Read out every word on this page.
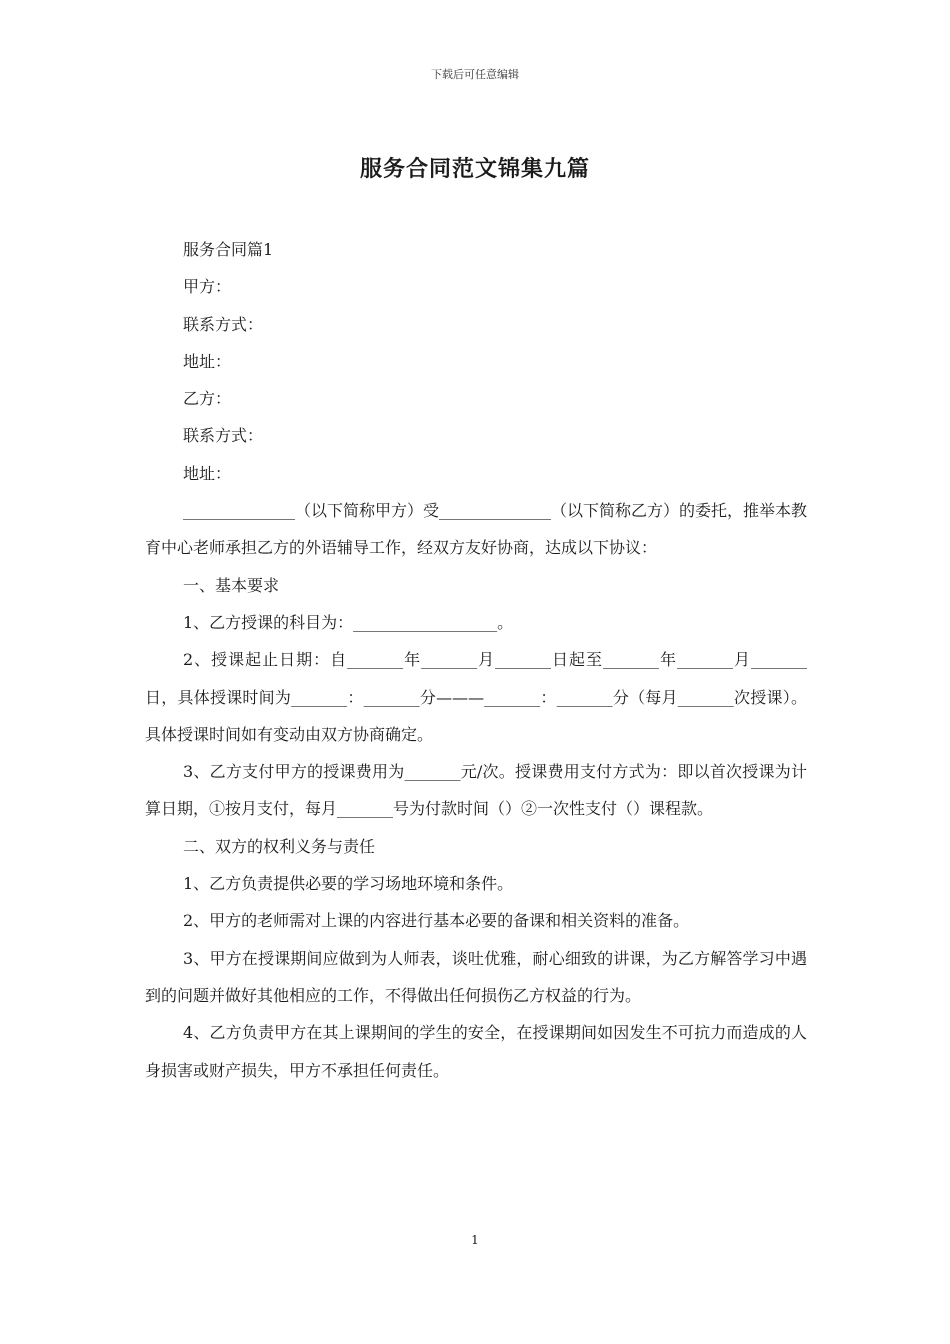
下载后可任意编辑
服务合同范文锦集九篇

服务合同篇1

甲方：

联系方式：

地址：

乙方：

联系方式：

地址：

______________（以下简称甲方）受______________（以下简称乙方）的委托，推举本教育中心老师承担乙方的外语辅导工作，经双方友好协商，达成以下协议：

一、基本要求

1、乙方授课的科目为：__________________。

2、授课起止日期：自_______年_______月_______日起至_______年_______月_______日，具体授课时间为_______：_______分———_______：_______分（每月_______次授课）。具体授课时间如有变动由双方协商确定。

3、乙方支付甲方的授课费用为_______元/次。授课费用支付方式为：即以首次授课为计算日期，①按月支付，每月_______号为付款时间（）②一次性支付（）课程款。

二、双方的权利义务与责任

1、乙方负责提供必要的学习场地环境和条件。

2、甲方的老师需对上课的内容进行基本必要的备课和相关资料的准备。

3、甲方在授课期间应做到为人师表，谈吐优雅，耐心细致的讲课，为乙方解答学习中遇到的问题并做好其他相应的工作，不得做出任何损伤乙方权益的行为。

4、乙方负责甲方在其上课期间的学生的安全，在授课期间如因发生不可抗力而造成的人身损害或财产损失，甲方不承担任何责任。

1
